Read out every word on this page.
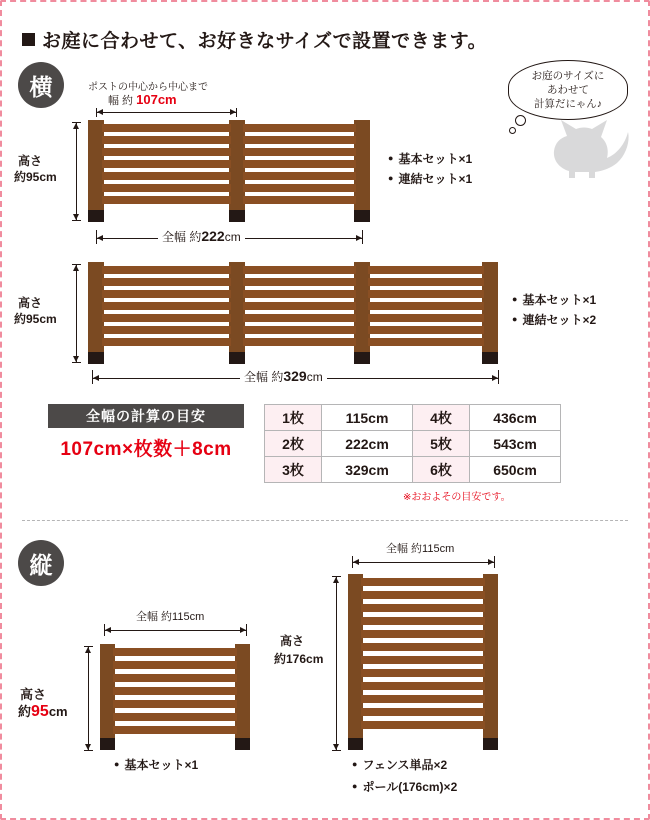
お庭に合わせて、お好きなサイズで設置できます。
横	お庭のサイズに
あわせて
計算だにゃん♪
ポストの中心から中心まで
幅 約 107cm
高さ
約95cm
全幅 約222cm
● 基本セット×1
● 連結セット×1
高さ
約95cm
全幅 約329cm
● 基本セット×1
● 連結セット×2
全幅の計算の目安
107cm×枚数＋8cm
1枚	115cm	4枚	436cm
2枚	222cm	5枚	543cm
3枚	329cm	6枚	650cm
※おおよその目安です。
縦
全幅 約115cm
高さ
約95cm
● 基本セット×1
全幅 約115cm
高さ
約176cm
● フェンス単品×2
● ポール(176cm)×2
